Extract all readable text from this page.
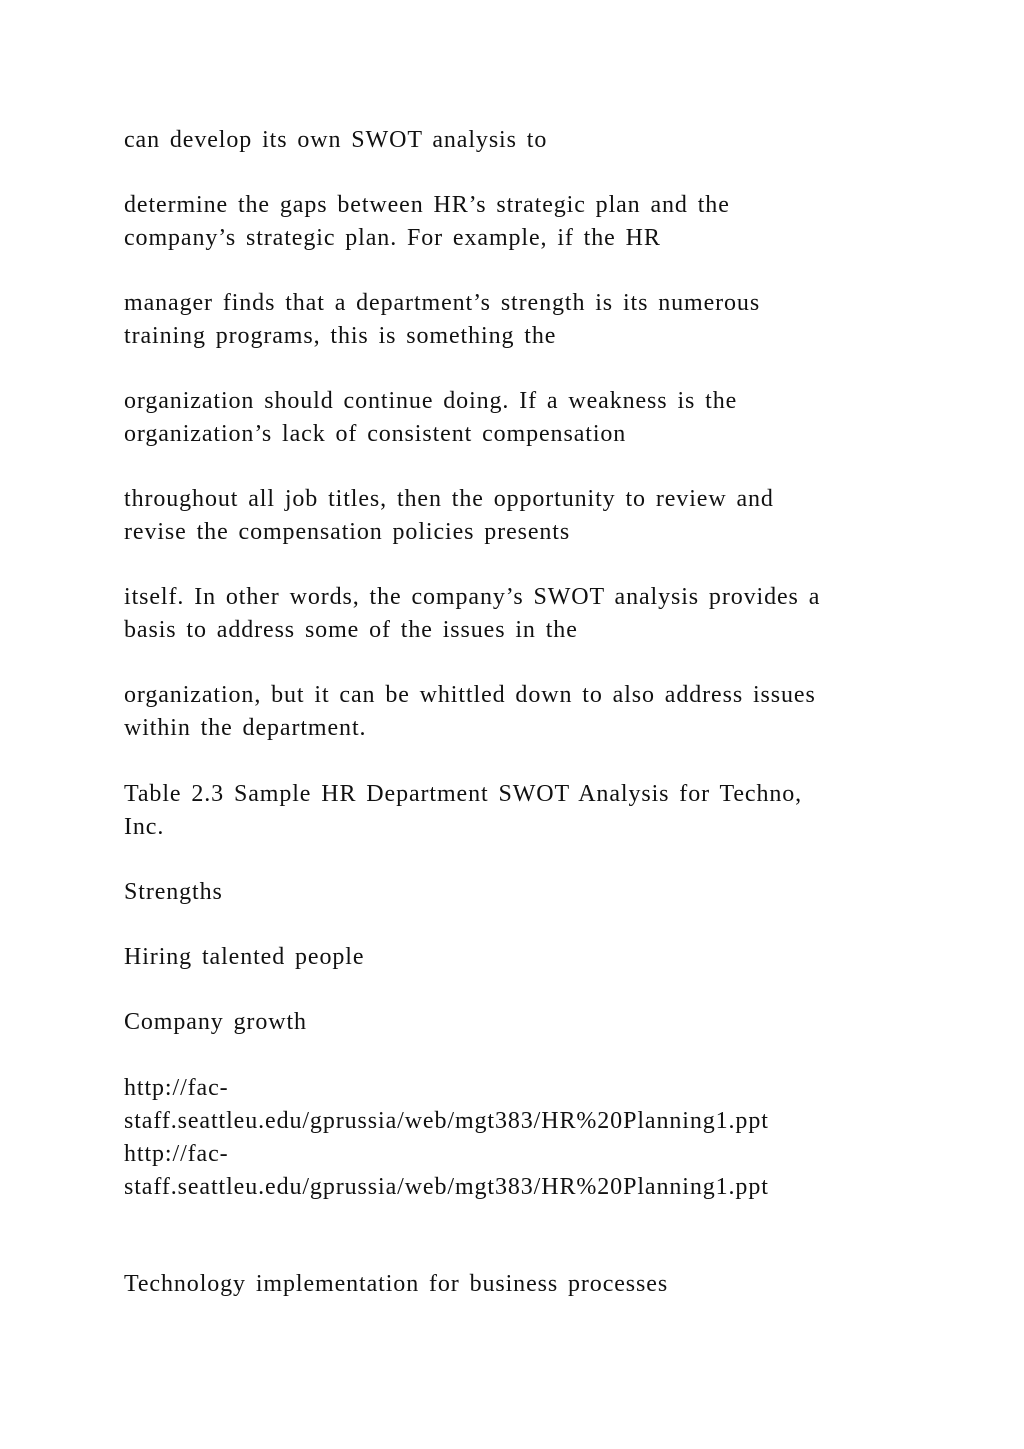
can develop its own SWOT analysis to
determine the gaps between HR’s strategic plan and the
company’s strategic plan. For example, if the HR
manager finds that a department’s strength is its numerous
training programs, this is something the
organization should continue doing. If a weakness is the
organization’s lack of consistent compensation
throughout all job titles, then the opportunity to review and
revise the compensation policies presents
itself. In other words, the company’s SWOT analysis provides a
basis to address some of the issues in the
organization, but it can be whittled down to also address issues
within the department.
Table 2.3 Sample HR Department SWOT Analysis for Techno,
Inc.
Strengths
Hiring talented people
Company growth
http://fac-
staff.seattleu.edu/gprussia/web/mgt383/HR%20Planning1.ppt
http://fac-
staff.seattleu.edu/gprussia/web/mgt383/HR%20Planning1.ppt
Technology implementation for business processes
